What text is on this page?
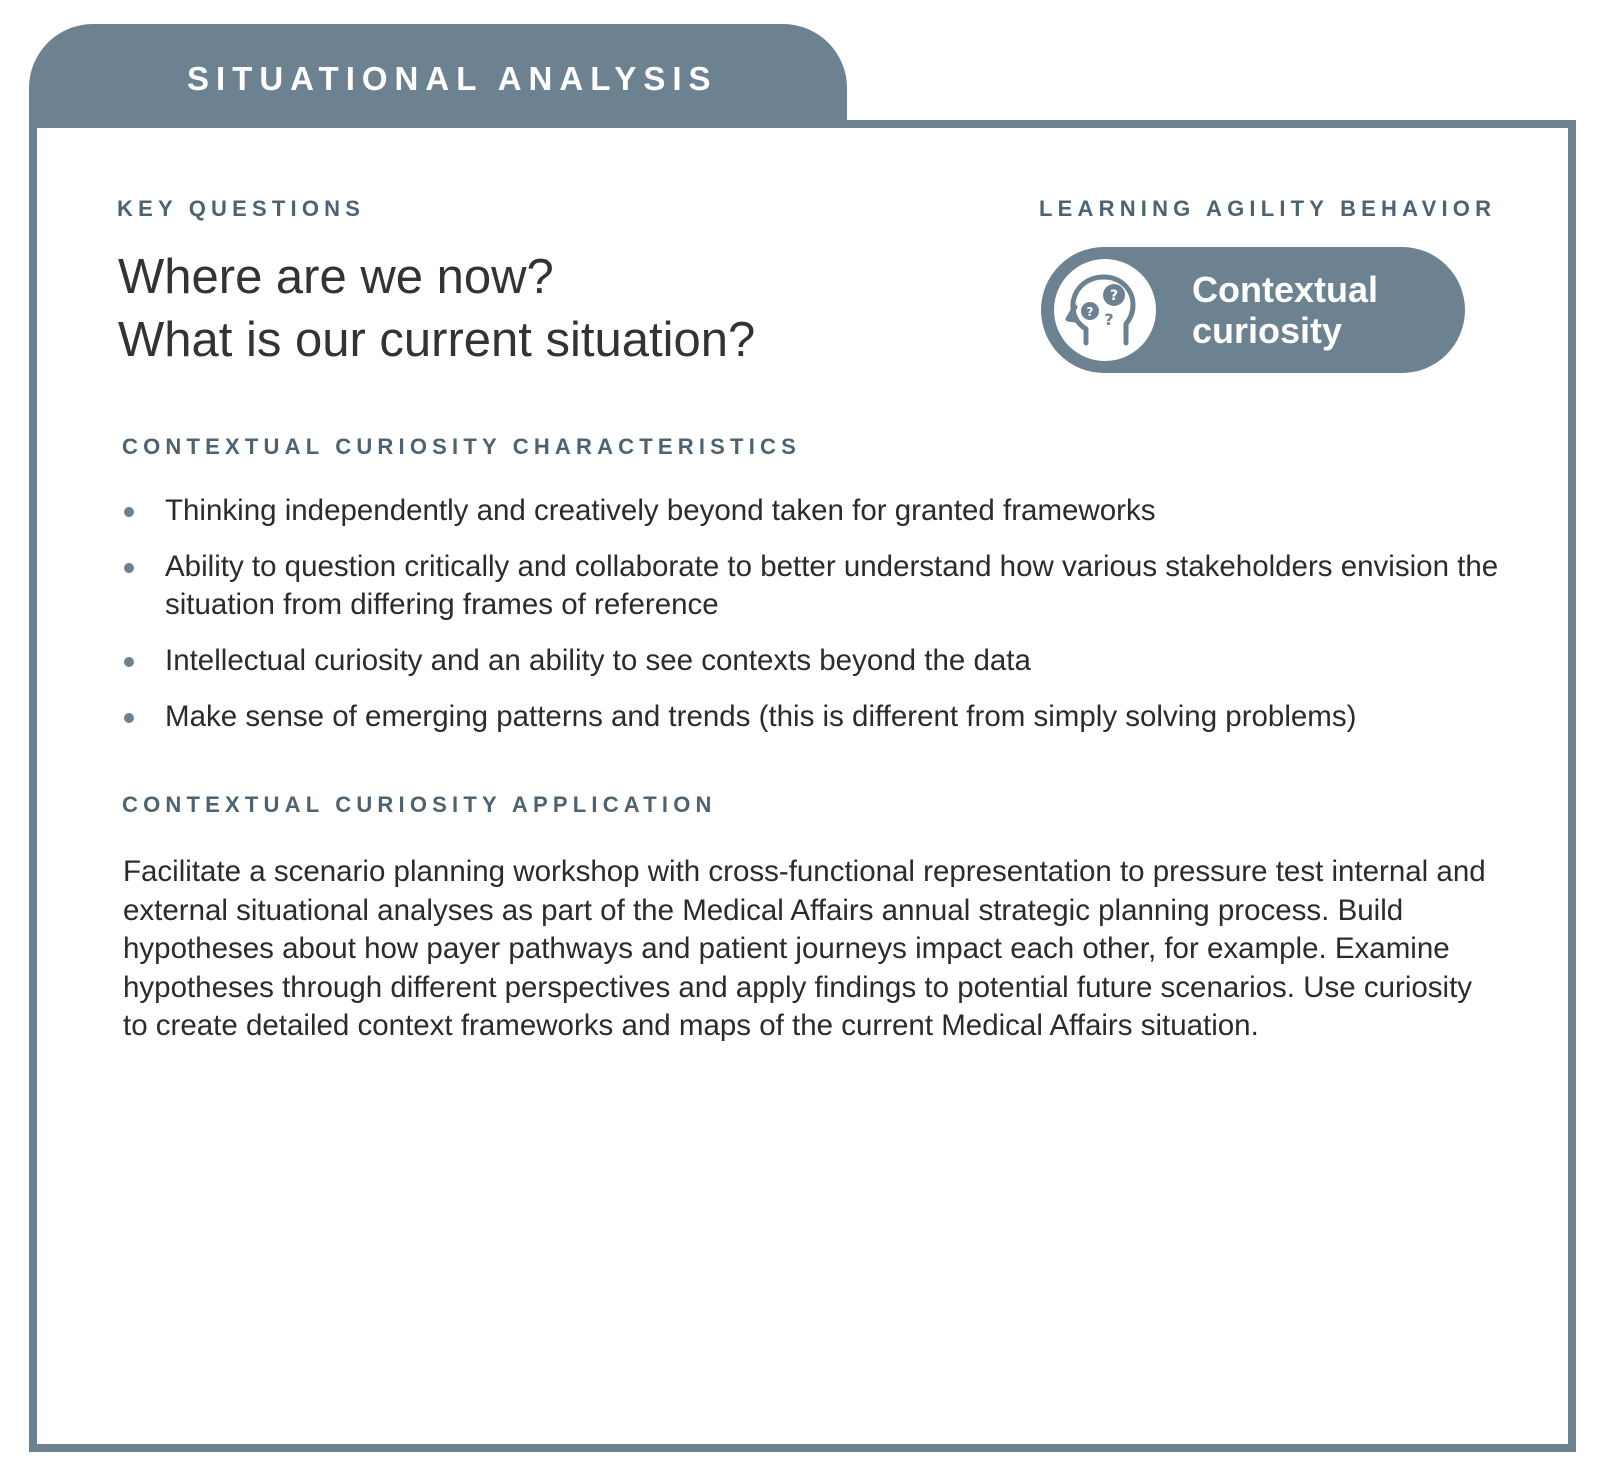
SITUATIONAL ANALYSIS
KEY QUESTIONS
Where are we now?
What is our current situation?
LEARNING AGILITY BEHAVIOR
?
? ?
Contextual
curiosity
CONTEXTUAL CURIOSITY CHARACTERISTICS
Thinking independently and creatively beyond taken for granted frameworks
Ability to question critically and collaborate to better understand how various stakeholders envision the situation from differing frames of reference
Intellectual curiosity and an ability to see contexts beyond the data
Make sense of emerging patterns and trends (this is different from simply solving problems)
CONTEXTUAL CURIOSITY APPLICATION
Facilitate a scenario planning workshop with cross-functional representation to pressure test internal and external situational analyses as part of the Medical Affairs annual strategic planning process. Build hypotheses about how payer pathways and patient journeys impact each other, for example. Examine hypotheses through different perspectives and apply findings to potential future scenarios. Use curiosity to create detailed context frameworks and maps of the current Medical Affairs situation.
